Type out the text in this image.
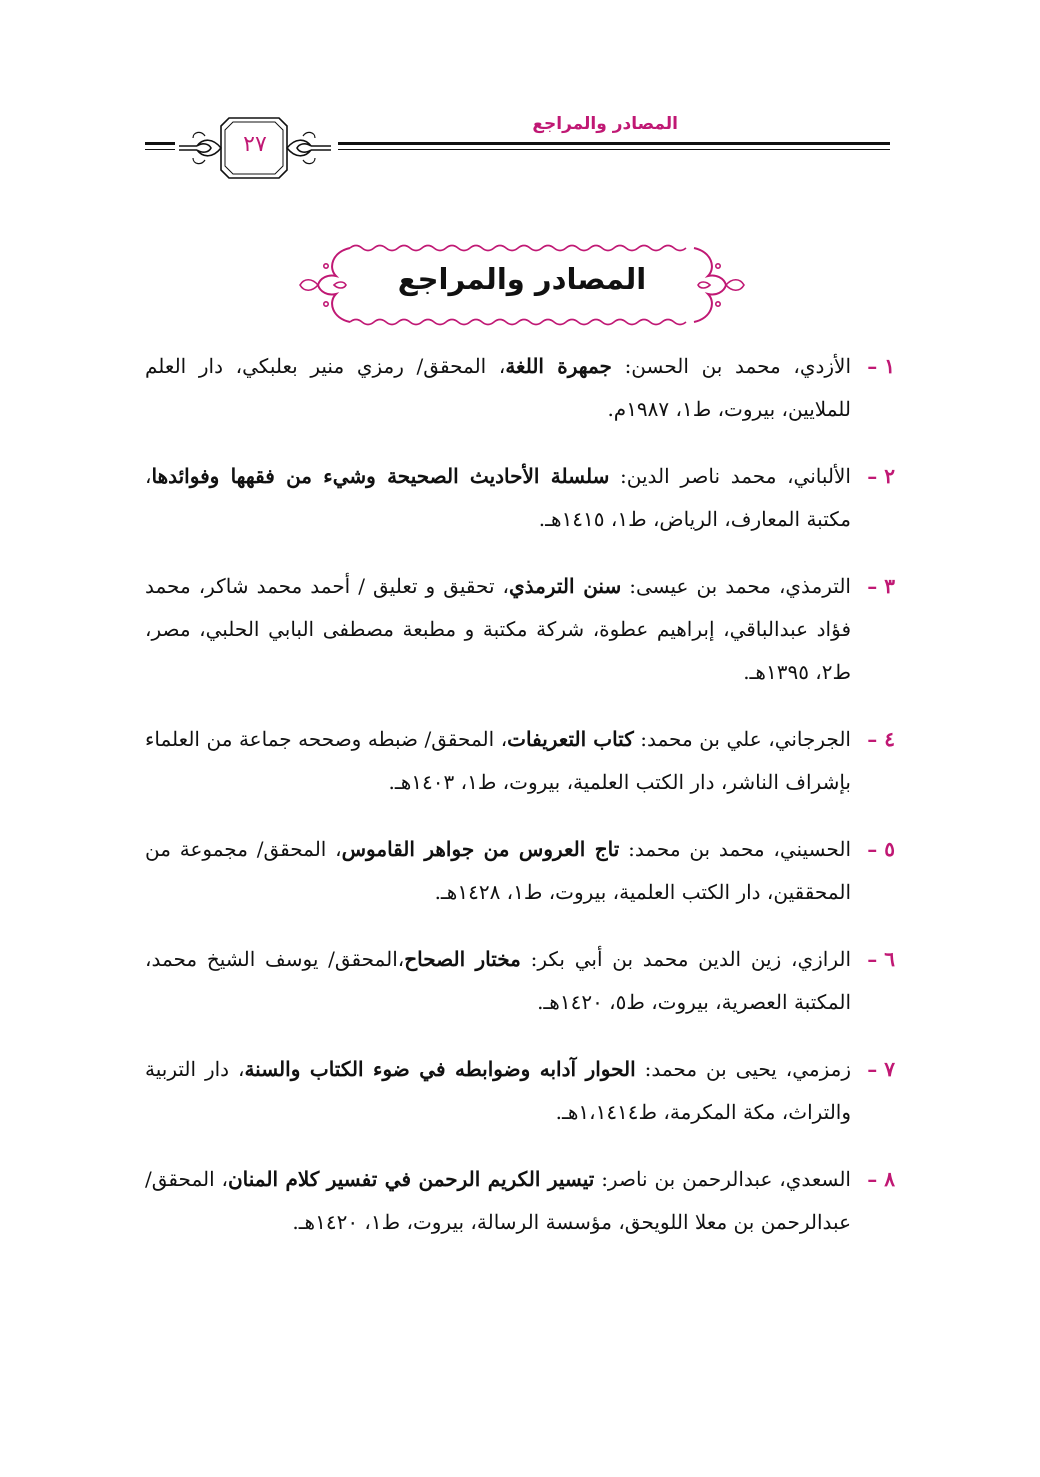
المصادر والمراجع
٢٧
المصادر والمراجع
١ –
الأزدي، محمد بن الحسن: جمهرة اللغة، المحقق/ رمزي منير بعلبكي، دار العلم للملايين، بيروت، ط١، ١٩٨٧م.
٢ –
الألباني، محمد ناصر الدين: سلسلة الأحاديث الصحيحة وشيء من فقهها وفوائدها، مكتبة المعارف، الرياض، ط١، ١٤١٥هـ.
٣ –
الترمذي، محمد بن عيسى: سنن الترمذي، تحقيق و تعليق / أحمد محمد شاكر، محمد فؤاد عبدالباقي، إبراهيم عطوة، شركة مكتبة و مطبعة مصطفى البابي الحلبي، مصر، ط٢، ١٣٩٥هـ.
٤ –
الجرجاني، علي بن محمد: كتاب التعريفات، المحقق/ ضبطه وصححه جماعة من العلماء بإشراف الناشر، دار الكتب العلمية، بيروت، ط١، ١٤٠٣هـ.
٥ –
الحسيني، محمد بن محمد: تاج العروس من جواهر القاموس، المحقق/ مجموعة من المحققين، دار الكتب العلمية، بيروت، ط١، ١٤٢٨هـ.
٦ –
الرازي، زين الدين محمد بن أبي بكر: مختار الصحاح،المحقق/ يوسف الشيخ محمد، المكتبة العصرية، بيروت، ط٥، ١٤٢٠هـ.
٧ –
زمزمي، يحيى بن محمد: الحوار آدابه وضوابطه في ضوء الكتاب والسنة، دار التربية والتراث، مكة المكرمة، ط١،١٤١٤هـ.
٨ –
السعدي، عبدالرحمن بن ناصر: تيسير الكريم الرحمن في تفسير كلام المنان، المحقق/ عبدالرحمن بن معلا اللويحق، مؤسسة الرسالة، بيروت، ط١، ١٤٢٠هـ.
